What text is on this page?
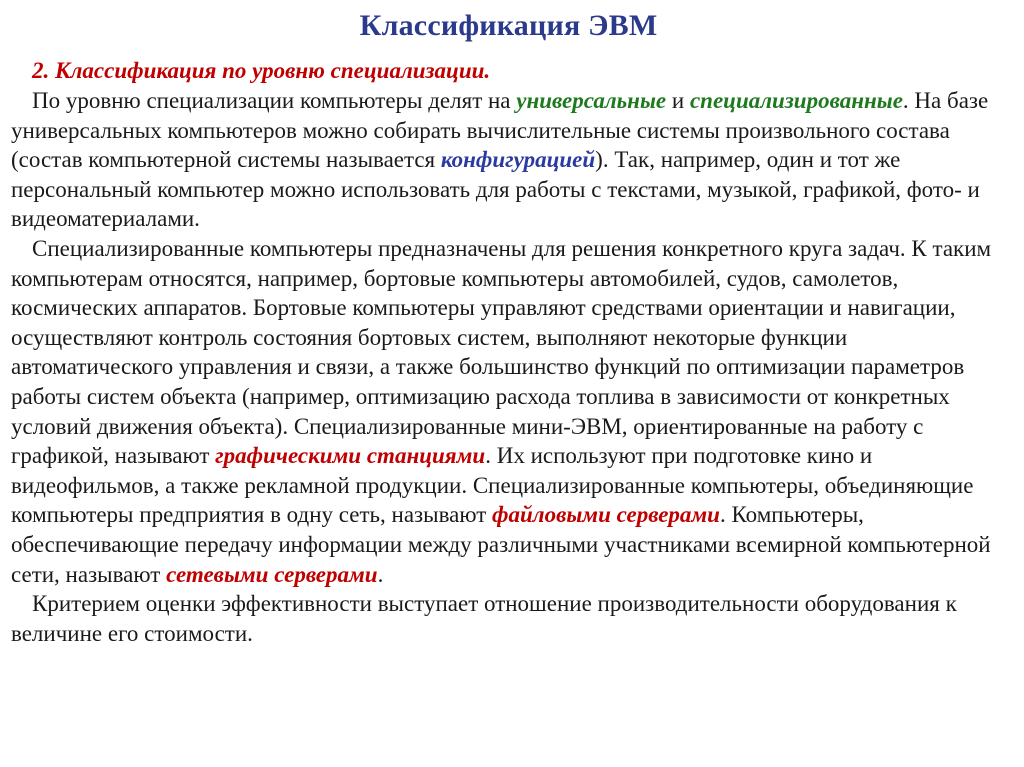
Классификация ЭВМ
2. Классификация по уровню специализации.

По уровню специализации компьютеры делят на универсальные и специализированные. На базе универсальных компьютеров можно собирать вычислительные системы произвольного состава (состав компьютерной системы называется конфигурацией). Так, например, один и тот же персональный компьютер можно использовать для работы с текстами, музыкой, графикой, фото- и видеоматериалами.

Специализированные компьютеры предназначены для решения конкретного круга задач. К таким компьютерам относятся, например, бортовые компьютеры автомобилей, судов, самолетов, космических аппаратов. Бортовые компьютеры управляют средствами ориентации и навигации, осуществляют контроль состояния бортовых систем, выполняют некоторые функции автоматического управления и связи, а также большинство функций по оптимизации параметров работы систем объекта (например, оптимизацию расхода топлива в зависимости от конкретных условий движения объекта). Специализированные мини-ЭВМ, ориентированные на работу с графикой, называют графическими станциями. Их используют при подготовке кино и видеофильмов, а также рекламной продукции. Специализированные компьютеры, объединяющие компьютеры предприятия в одну сеть, называют файловыми серверами. Компьютеры, обеспечивающие передачу информации между различными участниками всемирной компьютерной сети, называют сетевыми серверами.

Критерием оценки эффективности выступает отношение производительности оборудования к величине его стоимости.
